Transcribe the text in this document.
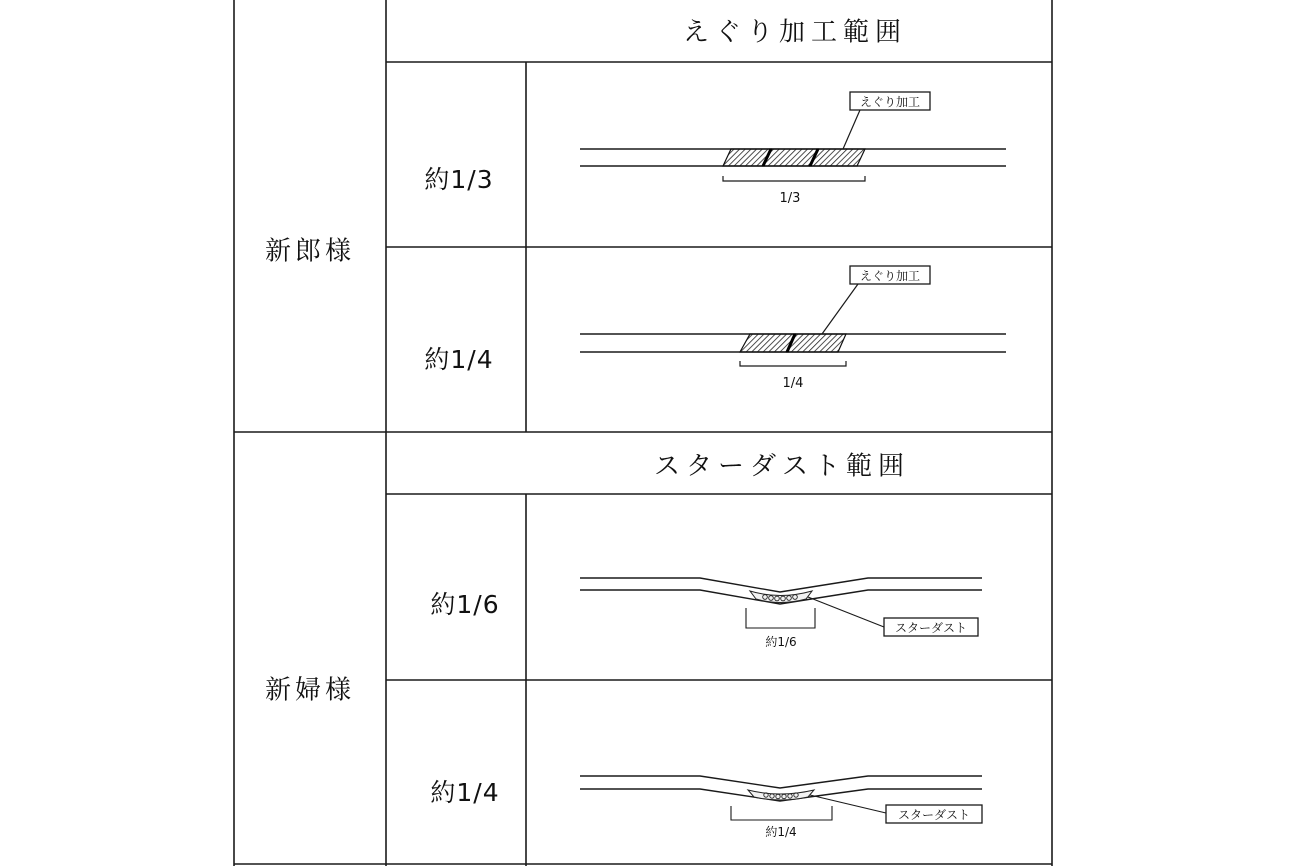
新郎様
新婦様
えぐり加工範囲
スターダスト範囲
約1/3
約1/4
約1/6
約1/4
えぐり加工
1/3
えぐり加工
1/4
スターダスト
約1/6
スターダスト
約1/4
